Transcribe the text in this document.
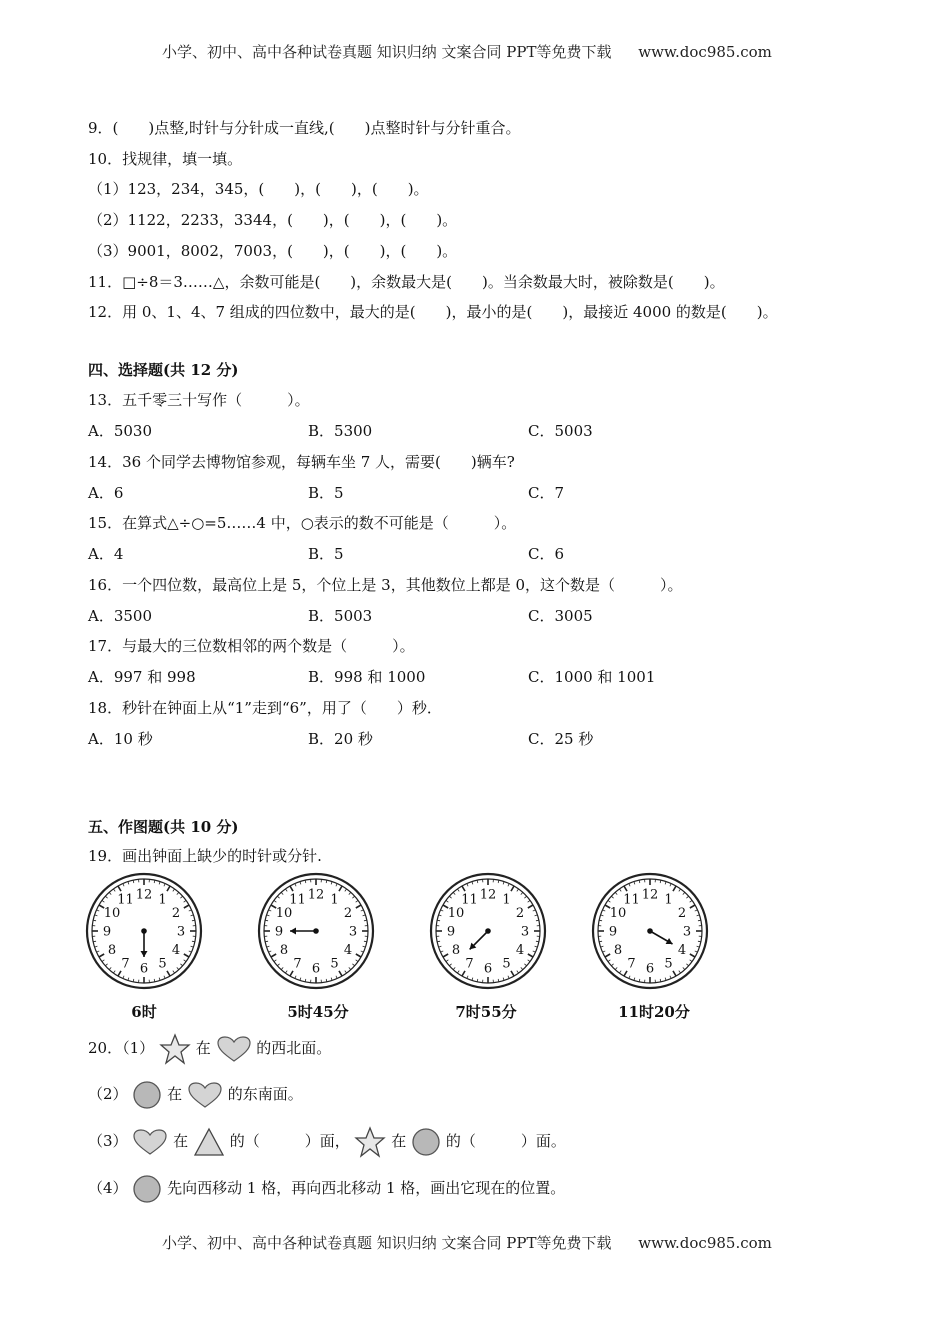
小学、初中、高中各种试卷真题 知识归纳 文案合同 PPT等免费下载 www.doc985.com
9．(　　)点整,时针与分针成一直线,(　　)点整时针与分针重合。
10．找规律，填一填。
（1）123，234，345，(　　)，(　　)，(　　)。
（2）1122，2233，3344，(　　)，(　　)，(　　)。
（3）9001，8002，7003，(　　)，(　　)，(　　)。
11．□÷8＝3……△，余数可能是(　　)，余数最大是(　　)。当余数最大时，被除数是(　　)。
12．用 0、1、4、7 组成的四位数中，最大的是(　　)，最小的是(　　)，最接近 4000 的数是(　　)。
四、选择题(共 12 分)
13．五千零三十写作（　　　）。
A．5030	B．5300	C．5003
14．36 个同学去博物馆参观，每辆车坐 7 人，需要(　　)辆车?
A．6	B．5	C．7
15．在算式△÷○=5……4 中，○表示的数不可能是（　　　）。
A．4	B．5	C．6
16．一个四位数，最高位上是 5，个位上是 3，其他数位上都是 0，这个数是（　　　）。
A．3500	B．5003	C．3005
17．与最大的三位数相邻的两个数是（　　　）。
A．997 和 998	B．998 和 1000	C．1000 和 1001
18．秒针在钟面上从“1”走到“6”，用了（　　）秒．
A．10 秒	B．20 秒	C．25 秒
五、作图题(共 10 分)
19．画出钟面上缺少的时针或分针.
12 1
2
3
4
5
6
7
8
9
10
11	12 1
2
3
4
5
6
7
8
9
10
11	12 1
2
3
4
5
6
7
8
9
10
11	12 1
2
3
4
5
6
7
8
9
10
11
6时	5时45分	7时55分	11时20分
20．（1）	在	的西北面。
（2）	在	的东南面。
（3）	在	的（　　　）面，	在	的（　　　）面。
（4）	先向西移动 1 格，再向西北移动 1 格，画出它现在的位置。
小学、初中、高中各种试卷真题 知识归纳 文案合同 PPT等免费下载 www.doc985.com
